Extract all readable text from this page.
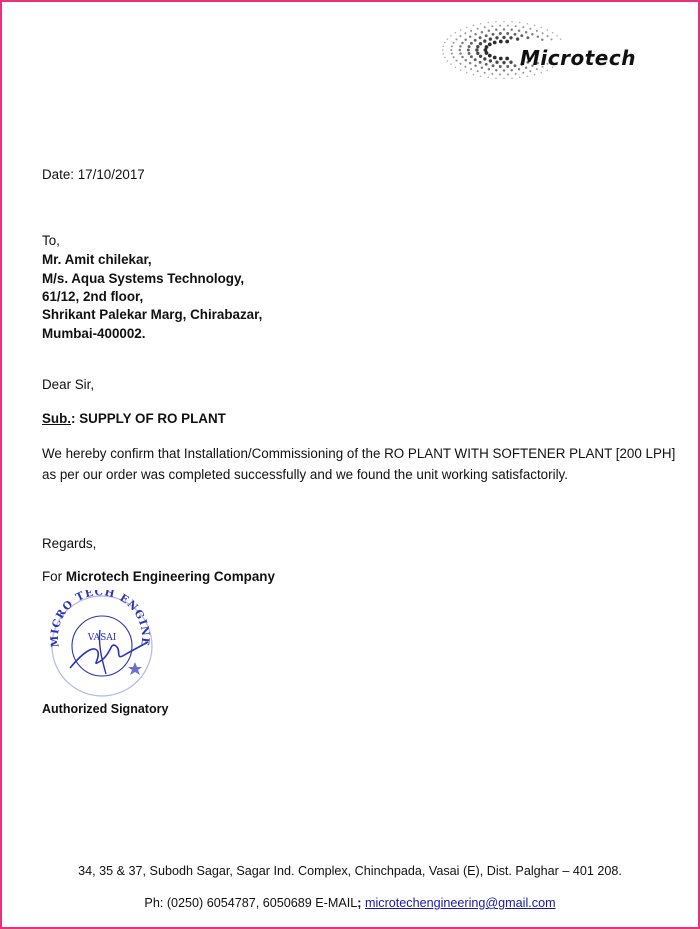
Microtech
Date: 17/10/2017
To,
Mr. Amit chilekar,
M/s. Aqua Systems Technology,
61/12, 2nd floor,
Shrikant Palekar Marg, Chirabazar,
Mumbai-400002.
Dear Sir,
Sub.: SUPPLY OF RO PLANT
We hereby confirm that Installation/Commissioning of the RO PLANT WITH SOFTENER PLANT [200 LPH] as per our order was completed successfully and we found the unit working satisfactorily.
Regards,
For Microtech Engineering Company
MICRO TECH ENGINE
VASAI
Authorized Signatory
34, 35 & 37, Subodh Sagar, Sagar Ind. Complex, Chinchpada, Vasai (E), Dist. Palghar – 401 208.
Ph: (0250) 6054787, 6050689 E-MAIL; microtechengineering@gmail.com
